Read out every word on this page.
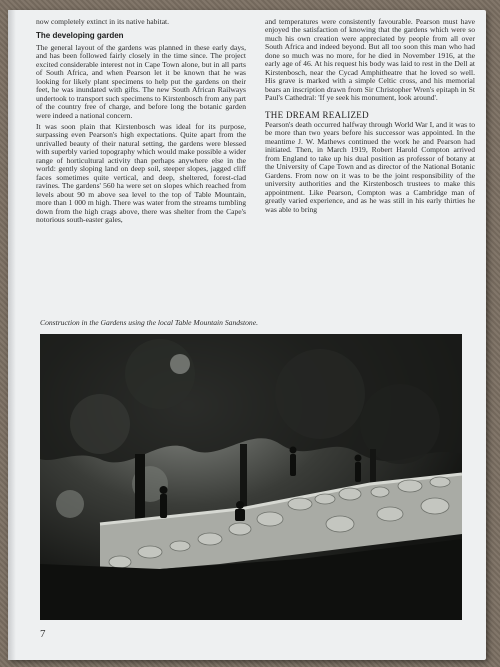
now completely extinct in its native habitat.

The developing garden

The general layout of the gardens was planned in these early days, and has been followed fairly closely in the time since. The project excited considerable interest not in Cape Town alone, but in all parts of South Africa, and when Pearson let it be known that he was looking for likely plant specimens to help put the gardens on their feet, he was inundated with gifts. The new South African Railways undertook to transport such specimens to Kirstenbosch from any part of the country free of charge, and before long the botanic garden were indeed a national concern.

It was soon plain that Kirstenbosch was ideal for its purpose, surpassing even Pearson's high expectations. Quite apart from the unrivalled beauty of their natural setting, the gardens were blessed with superbly varied topography which would make possible a wider range of horticultural activity than perhaps anywhere else in the world: gently sloping land on deep soil, steeper slopes, jagged cliff faces sometimes quite vertical, and deep, sheltered, forest-clad ravines. The gardens' 560 ha were set on slopes which reached from levels about 90 m above sea level to the top of Table Mountain, more than 1 000 m high. There was water from the streams tumbling down from the high crags above, there was shelter from the Cape's notorious south-easter gales,

and temperatures were consistently favourable. Pearson must have enjoyed the satisfaction of knowing that the gardens which were so much his own creation were appreciated by people from all over South Africa and indeed beyond. But all too soon this man who had done so much was no more, for he died in November 1916, at the early age of 46. At his request his body was laid to rest in the Dell at Kirstenbosch, near the Cycad Amphitheatre that he loved so well. His grave is marked with a simple Celtic cross, and his memorial bears an inscription drawn from Sir Christopher Wren's epitaph in St Paul's Cathedral: 'If ye seek his monument, look around'.

THE DREAM REALIZED

Pearson's death occurred halfway through World War I, and it was to be more than two years before his successor was appointed. In the meantime J. W. Mathews continued the work he and Pearson had initiated. Then, in March 1919, Robert Harold Compton arrived from England to take up his dual position as professor of botany at the University of Cape Town and as director of the National Botanic Gardens. From now on it was to be the joint responsibility of the university authorities and the Kirstenbosch trustees to make this appointment. Like Pearson, Compton was a Cambridge man of greatly varied experience, and as he was still in his early thirties he was able to bring

Construction in the Gardens using the local Table Mountain Sandstone.
7
